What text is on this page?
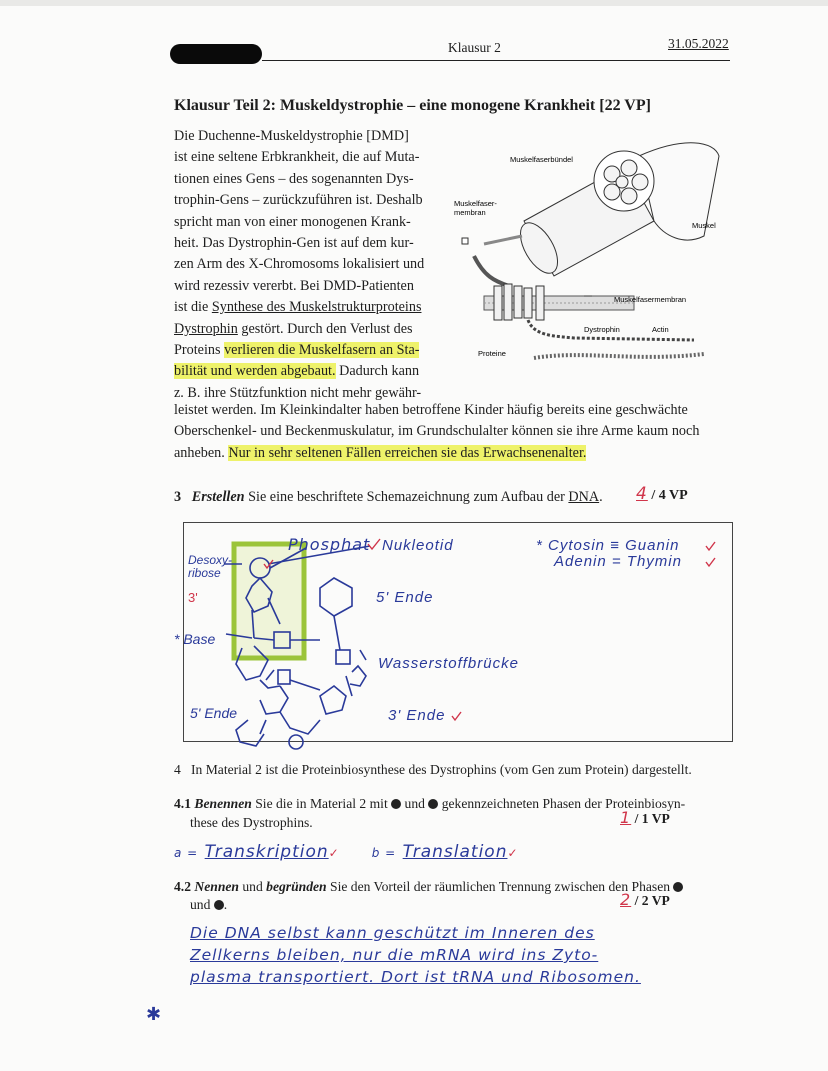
Klausur 2	31.05.2022
Klausur Teil 2: Muskeldystrophie – eine monogene Krankheit [22 VP]
Die Duchenne-Muskeldystrophie [DMD]
ist eine seltene Erbkrankheit, die auf Muta-
tionen eines Gens – des sogenannten Dys-
trophin-Gens – zurückzuführen ist. Deshalb
spricht man von einer monogenen Krank-
heit. Das Dystrophin-Gen ist auf dem kur-
zen Arm des X-Chromosoms lokalisiert und
wird rezessiv vererbt. Bei DMD-Patienten
ist die Synthese des Muskelstrukturproteins
Dystrophin gestört. Durch den Verlust des
Proteins verlieren die Muskelfasern an Sta-
bilität und werden abgebaut. Dadurch kann
z. B. ihre Stützfunktion nicht mehr gewähr-
leistet werden. Im Kleinkindalter haben betroffene Kinder häufig bereits eine geschwächte
Oberschenkel- und Beckenmuskulatur, im Grundschulalter können sie ihre Arme kaum noch
anheben. Nur in sehr seltenen Fällen erreichen sie das Erwachsenenalter.
Muskelfaserbündel
Muskelfaser-membran
Muskel
Muskelfasermembran
Dystrophin	Actin
Proteine
3 Erstellen Sie eine beschriftete Schemazeichnung zum Aufbau der DNA. 4 / 4 VP
Phosphat Nukleotid
Desoxy-ribose
3'	5' Ende
* Base
Wasserstoffbrücke
5' Ende	3' Ende
* Cytosin ≡ Guanin
Adenin = Thymin
4 In Material 2 ist die Proteinbiosynthese des Dystrophins (vom Gen zum Protein) dargestellt.
4.1 Benennen Sie die in Material 2 mit  und  gekennzeichneten Phasen der Proteinbiosyn-
these des Dystrophins.	1 / 1 VP
a = Transkription✓	b = Translation✓
4.2 Nennen und begründen Sie den Vorteil der räumlichen Trennung zwischen den Phasen
und .	2 / 2 VP
Die DNA selbst kann geschützt im Inneren des
Zellkerns bleiben, nur die mRNA wird ins Zyto-
plasma transportiert. Dort ist tRNA und Ribosomen.
✱
